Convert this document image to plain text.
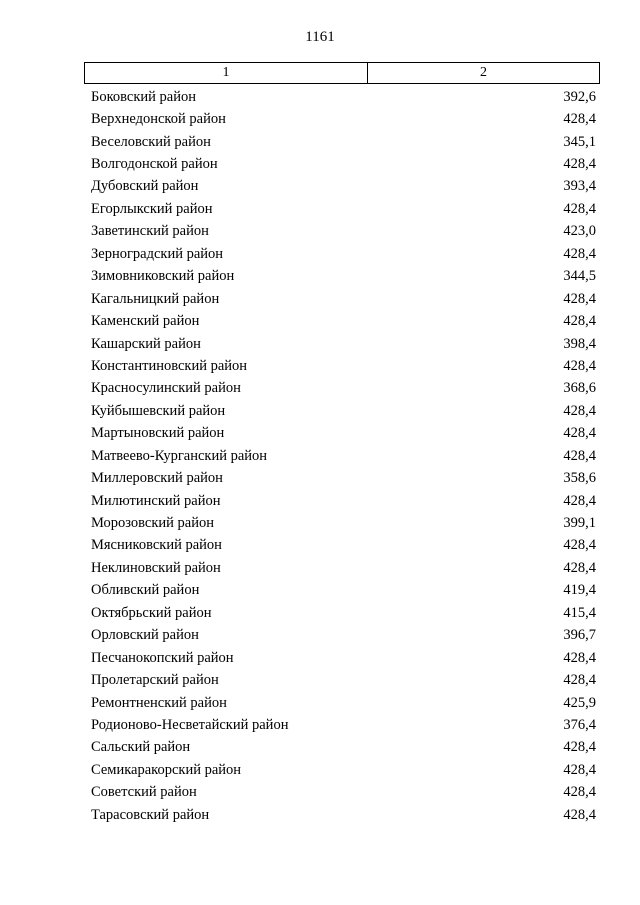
1161
1	2
Боковский район	392,6
Верхнедонской район	428,4
Веселовский район	345,1
Волгодонской район	428,4
Дубовский район	393,4
Егорлыкский район	428,4
Заветинский район	423,0
Зерноградский район	428,4
Зимовниковский район	344,5
Кагальницкий район	428,4
Каменский район	428,4
Кашарский район	398,4
Константиновский район	428,4
Красносулинский район	368,6
Куйбышевский район	428,4
Мартыновский район	428,4
Матвеево-Курганский район	428,4
Миллеровский район	358,6
Милютинский район	428,4
Морозовский район	399,1
Мясниковский район	428,4
Неклиновский район	428,4
Обливский район	419,4
Октябрьский район	415,4
Орловский район	396,7
Песчанокопский район	428,4
Пролетарский район	428,4
Ремонтненский район	425,9
Родионово-Несветайский район	376,4
Сальский район	428,4
Семикаракорский район	428,4
Советский район	428,4
Тарасовский район	428,4
